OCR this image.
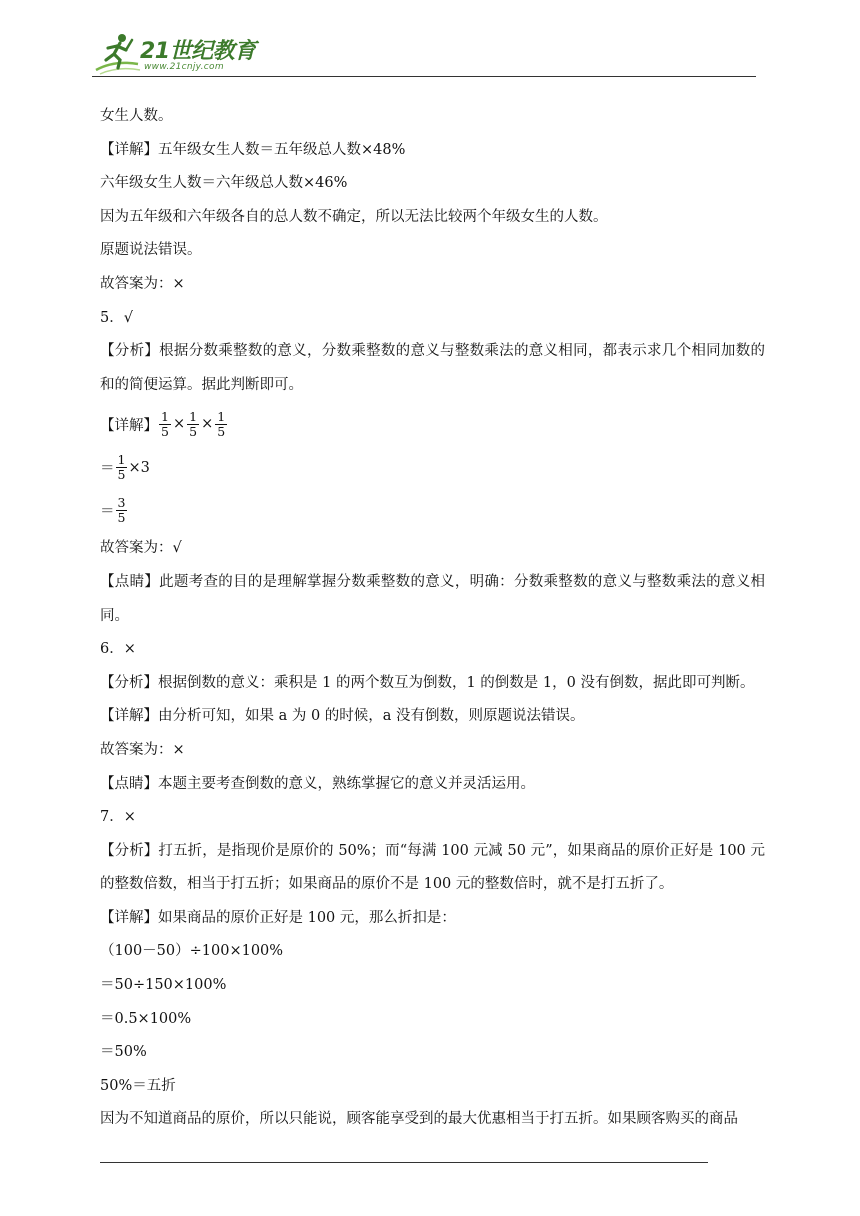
21世纪教育
www.21cnjy.com
女生人数。
【详解】五年级女生人数＝五年级总人数×48%
六年级女生人数＝六年级总人数×46%
因为五年级和六年级各自的总人数不确定，所以无法比较两个年级女生的人数。
原题说法错误。
故答案为：×
5．√
【分析】根据分数乘整数的意义，分数乘整数的意义与整数乘法的意义相同，都表示求几个相同加数的和的简便运算。据此判断即可。
【详解】 $\frac{1}{5} \times \frac{1}{5} \times \frac{1}{5}$
＝ $\frac{1}{5} \times 3$
＝ $\frac{3}{5}$
故答案为：√
【点睛】此题考查的目的是理解掌握分数乘整数的意义，明确：分数乘整数的意义与整数乘法的意义相同。
6．×
【分析】根据倒数的意义：乘积是 1 的两个数互为倒数，1 的倒数是 1，0 没有倒数，据此即可判断。
【详解】由分析可知，如果 a 为 0 的时候，a 没有倒数，则原题说法错误。
故答案为：×
【点睛】本题主要考查倒数的意义，熟练掌握它的意义并灵活运用。
7．×
【分析】打五折，是指现价是原价的 50%；而“每满 100 元减 50 元”，如果商品的原价正好是 100 元的整数倍数，相当于打五折；如果商品的原价不是 100 元的整数倍时，就不是打五折了。
【详解】如果商品的原价正好是 100 元，那么折扣是：
（100－50）÷100×100%
＝50÷150×100%
＝0.5×100%
＝50%
50%＝五折
因为不知道商品的原价，所以只能说，顾客能享受到的最大优惠相当于打五折。如果顾客购买的商品
